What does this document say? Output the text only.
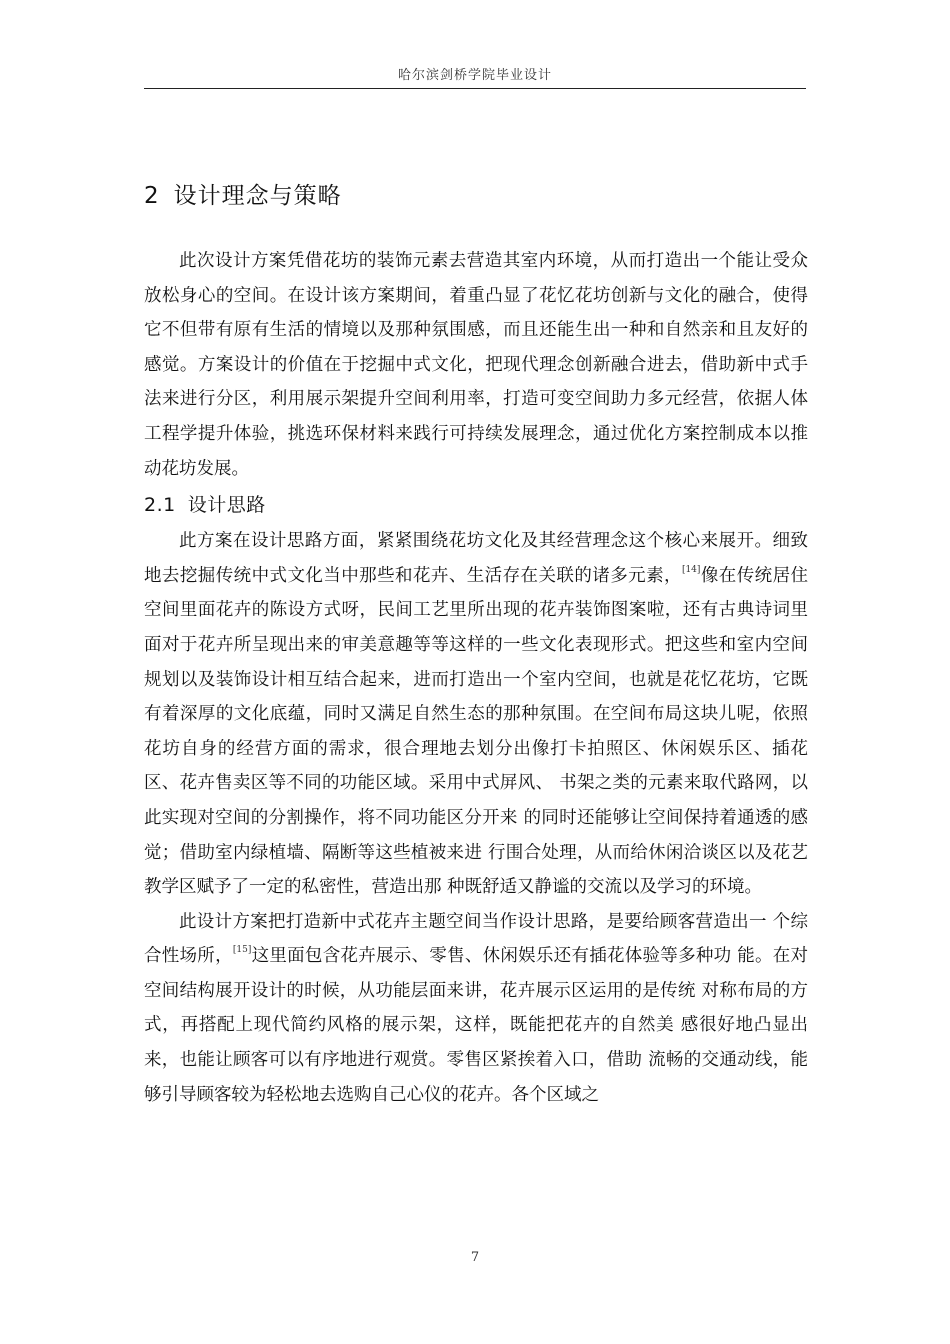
哈尔滨剑桥学院毕业设计
2 设计理念与策略

此次设计方案凭借花坊的装饰元素去营造其室内环境，从而打造出一个能让受众放松身心的空间。在设计该方案期间，着重凸显了花忆花坊创新与文化的融合，使得它不但带有原有生活的情境以及那种氛围感，而且还能生出一种和自然亲和且友好的感觉。方案设计的价值在于挖掘中式文化，把现代理念创新融合进去，借助新中式手法来进行分区，利用展示架提升空间利用率，打造可变空间助力多元经营，依据人体工程学提升体验，挑选环保材料来践行可持续发展理念，通过优化方案控制成本以推动花坊发展。

2.1 设计思路

此方案在设计思路方面，紧紧围绕花坊文化及其经营理念这个核心来展开。细致地去挖掘传统中式文化当中那些和花卉、生活存在关联的诸多元素，[14]像在传统居住空间里面花卉的陈设方式呀，民间工艺里所出现的花卉装饰图案啦，还有古典诗词里面对于花卉所呈现出来的审美意趣等等这样的一些文化表现形式。把这些和室内空间规划以及装饰设计相互结合起来，进而打造出一个室内空间，也就是花忆花坊，它既有着深厚的文化底蕴，同时又满足自然生态的那种氛围。在空间布局这块儿呢，依照花坊自身的经营方面的需求，很合理地去划分出像打卡拍照区、休闲娱乐区、插花区、花卉售卖区等不同的功能区域。采用中式屏风、 书架之类的元素来取代路网，以此实现对空间的分割操作，将不同功能区分开来 的同时还能够让空间保持着通透的感觉；借助室内绿植墙、隔断等这些植被来进 行围合处理，从而给休闲洽谈区以及花艺教学区赋予了一定的私密性，营造出那 种既舒适又静谧的交流以及学习的环境。

此设计方案把打造新中式花卉主题空间当作设计思路，是要给顾客营造出一 个综合性场所，[15]这里面包含花卉展示、零售、休闲娱乐还有插花体验等多种功 能。在对空间结构展开设计的时候，从功能层面来讲，花卉展示区运用的是传统 对称布局的方式，再搭配上现代简约风格的展示架，这样，既能把花卉的自然美 感很好地凸显出来，也能让顾客可以有序地进行观赏。零售区紧挨着入口，借助 流畅的交通动线，能够引导顾客较为轻松地去选购自己心仪的花卉。各个区域之

7
